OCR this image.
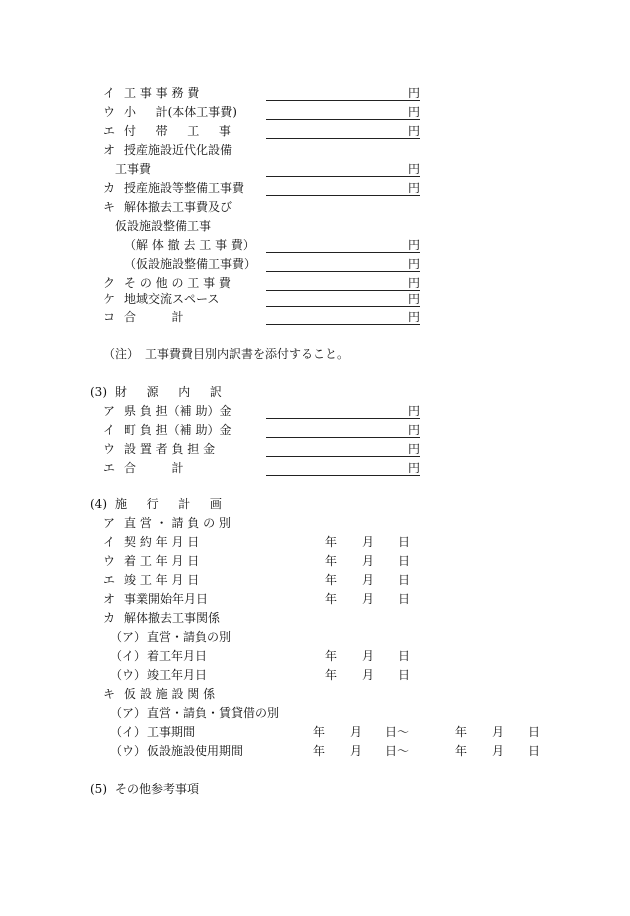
イ 工 事 事 務 費	円
ウ 小 　 計(本体工事費)	円
エ 付 　 帯 　 工 　 事	円
オ 授産施設近代化設備
工事費	円
カ 授産施設等整備工事費	円
キ 解体撤去工事費及び
仮設施設整備工事
（解 体 撤 去 工 事 費）	円
（仮設施設整備工事費）	円
ク そ の 他 の 工 事 費	円
ケ 地域交流スペース	円
コ 合 　 　 計	円
（注）　工事費費目別内訳書を添付すること。
(3) 財 　 源 　 内 　 訳
ア 県 負 担（補 助）金	円
イ 町 負 担（補 助）金	円
ウ 設 置 者 負 担 金	円
エ 合 　 　 計	円
(4) 施 　 行 　 計 　 画
ア 直 営 ・ 請 負 の 別
イ 契 約 年 月 日	年 月 日
ウ 着 工 年 月 日	年 月 日
エ 竣 工 年 月 日	年 月 日
オ 事業開始年月日	年 月 日
カ 解体撤去工事関係
（ア） 直営・請負の別
（イ） 着工年月日	年 月 日
（ウ） 竣工年月日	年 月 日
キ 仮 設 施 設 関 係
（ア） 直営・請負・賃貸借の別
（イ） 工事期間	年 月 日〜	年 月 日
（ウ） 仮設施設使用期間	年 月 日〜	年 月 日
(5) その他参考事項
